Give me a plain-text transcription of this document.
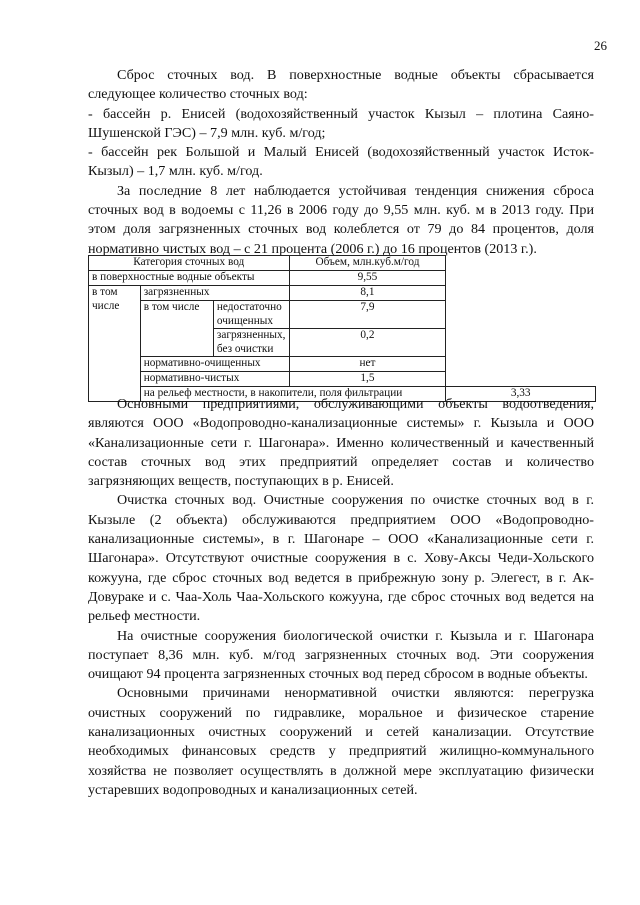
26

Сброс сточных вод. В поверхностные водные объекты сбрасывается следующее количество сточных вод:

- бассейн р. Енисей (водохозяйственный участок Кызыл – плотина Саяно-Шушенской ГЭС) – 7,9 млн. куб. м/год;

- бассейн рек Большой и Малый Енисей (водохозяйственный участок Исток-Кызыл) – 1,7 млн. куб. м/год.

За последние 8 лет наблюдается устойчивая тенденция снижения сброса сточных вод в водоемы с 11,26 в 2006 году до 9,55 млн. куб. м в 2013 году. При этом доля загрязненных сточных вод колеблется от 79 до 84 процентов, доля нормативно чистых вод – с 21 процента (2006 г.) до 16 процентов (2013 г.).

Категория сточных вод			Объем, млн.куб.м/год	
в поверхностные водные объекты			9,55	
в том числе	загрязненных		8,1	
	в том числе	недостаточно очищенных	7,9	
		загрязненных, без очистки	0,2	
	нормативно-очищенных		нет	
	нормативно-чистых		1,5	
	на рельеф местности, в накопители, поля фильтрации			3,33

Основными предприятиями, обслуживающими объекты водоотведения, являются ООО «Водопроводно-канализационные системы» г. Кызыла и ООО «Канализационные сети г. Шагонара». Именно количественный и качественный состав сточных вод этих предприятий определяет состав и количество загрязняющих веществ, поступающих в р. Енисей.

Очистка сточных вод. Очистные сооружения по очистке сточных вод в г. Кызыле (2 объекта) обслуживаются предприятием ООО «Водопроводно-канализационные системы», в г. Шагонаре – ООО «Канализационные сети г. Шагонара». Отсутствуют очистные сооружения в с. Хову-Аксы Чеди-Хольского кожууна, где сброс сточных вод ведется в прибрежную зону р. Элегест, в г. Ак-Довураке и с. Чаа-Холь Чаа-Хольского кожууна, где сброс сточных вод ведется на рельеф местности.

На очистные сооружения биологической очистки г. Кызыла и г. Шагонара поступает 8,36 млн. куб. м/год загрязненных сточных вод. Эти сооружения очищают 94 процента загрязненных сточных вод перед сбросом в водные объекты.

Основными причинами ненормативной очистки являются: перегрузка очистных сооружений по гидравлике, моральное и физическое старение канализационных очистных сооружений и сетей канализации. Отсутствие необходимых финансовых средств у предприятий жилищно-коммунального хозяйства не позволяет осуществлять в должной мере эксплуатацию физически устаревших водопроводных и канализационных сетей.
